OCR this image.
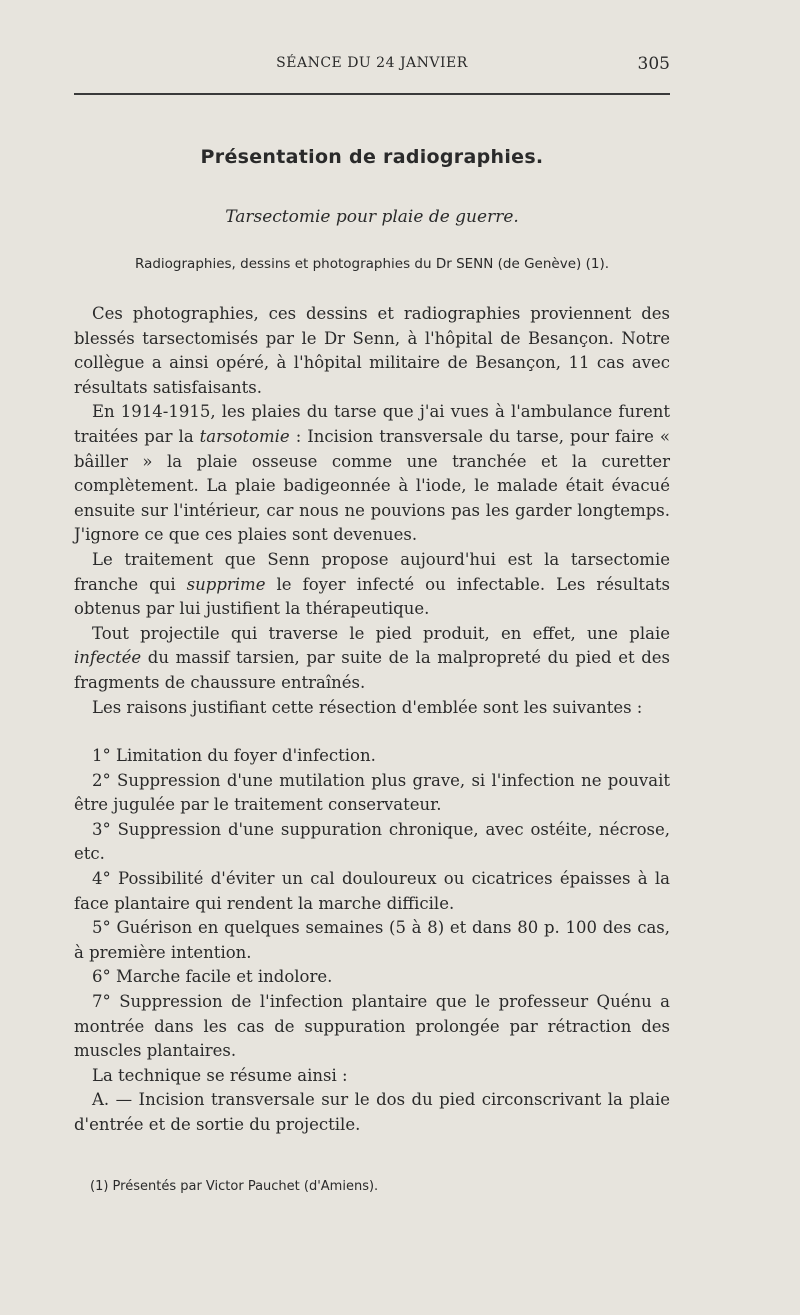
SÉANCE DU 24 JANVIER	305
Présentation de radiographies.
Tarsectomie pour plaie de guerre.
Radiographies, dessins et photographies du Dr SENN (de Genève) (1).

Ces photographies, ces dessins et radiographies proviennent des blessés tarsectomisés par le Dr Senn, à l'hôpital de Besançon. Notre collègue a ainsi opéré, à l'hôpital militaire de Besançon, 11 cas avec résultats satisfaisants.

En 1914-1915, les plaies du tarse que j'ai vues à l'ambulance furent traitées par la tarsotomie : Incision transversale du tarse, pour faire « bâiller » la plaie osseuse comme une tranchée et la curetter complètement. La plaie badigeonnée à l'iode, le malade était évacué ensuite sur l'intérieur, car nous ne pouvions pas les garder longtemps. J'ignore ce que ces plaies sont devenues.

Le traitement que Senn propose aujourd'hui est la tarsectomie franche qui supprime le foyer infecté ou infectable. Les résultats obtenus par lui justifient la thérapeutique.

Tout projectile qui traverse le pied produit, en effet, une plaie infectée du massif tarsien, par suite de la malpropreté du pied et des fragments de chaussure entraînés.

Les raisons justifiant cette résection d'emblée sont les suivantes :

1° Limitation du foyer d'infection.

2° Suppression d'une mutilation plus grave, si l'infection ne pouvait être jugulée par le traitement conservateur.

3° Suppression d'une suppuration chronique, avec ostéite, nécrose, etc.

4° Possibilité d'éviter un cal douloureux ou cicatrices épaisses à la face plantaire qui rendent la marche difficile.

5° Guérison en quelques semaines (5 à 8) et dans 80 p. 100 des cas, à première intention.

6° Marche facile et indolore.

7° Suppression de l'infection plantaire que le professeur Quénu a montrée dans les cas de suppuration prolongée par rétraction des muscles plantaires.

La technique se résume ainsi :

A. — Incision transversale sur le dos du pied circonscrivant la plaie d'entrée et de sortie du projectile.

(1) Présentés par Victor Pauchet (d'Amiens).
